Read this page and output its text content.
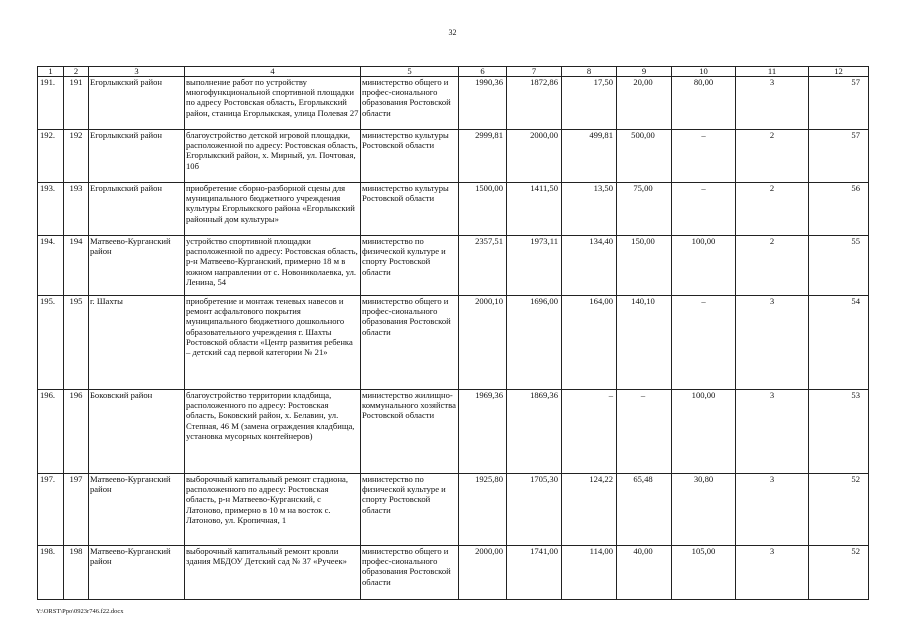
32
1	2	3	4	5	6	7	8	9	10	11	12
191.	191	Егорлыкский район	выполнение работ по устройству многофункциональной спортивной площадки по адресу Ростовская область, Егорлыкский район, станица Егорлыкская, улица Полевая 27	министерство общего и профес-сионального образования Ростовской области	1990,36	1872,86	17,50	20,00	80,00	3	57
192.	192	Егорлыкский район	благоустройство детской игровой площадки, расположенной по адресу: Ростовская область, Егорлыкский район, х. Мирный, ул. Почтовая, 10б	министерство культуры Ростовской области	2999,81	2000,00	499,81	500,00	–	2	57
193.	193	Егорлыкский район	приобретение сборно-разборной сцены для муниципального бюджетного учреждения культуры Егорлыкского района «Егорлыкский районный дом культуры»	министерство культуры Ростовской области	1500,00	1411,50	13,50	75,00	–	2	56
194.	194	Матвеево-Курганский район	устройство спортивной площадки расположенной по адресу: Ростовская область, р-н Матвеево-Курганский, примерно 18 м в южном направлении от с. Новониколаевка, ул. Ленина, 54	министерство по физической культуре и спорту Ростовской области	2357,51	1973,11	134,40	150,00	100,00	2	55
195.	195	г. Шахты	приобретение и монтаж теневых навесов и ремонт асфальтового покрытия муниципального бюджетного дошкольного образовательного учреждения г. Шахты Ростовской области «Центр развития ребенка – детский сад первой категории № 21»	министерство общего и профес-сионального образования Ростовской области	2000,10	1696,00	164,00	140,10	–	3	54
196.	196	Боковский район	благоустройство территории кладбища, расположенного по адресу: Ростовская область, Боковский район, х. Белавин, ул. Степная, 46 М (замена ограждения кладбища, установка мусорных контейнеров)	министерство жилищно-коммунального хозяйства Ростовской области	1969,36	1869,36	–	–	100,00	3	53
197.	197	Матвеево-Курганский район	выборочный капитальный ремонт стадиона, расположенного по адресу: Ростовская область, р-н Матвеево-Курганский, с Латоново, примерно в 10 м на восток с. Латоново, ул. Кропичная, 1	министерство по физической культуре и спорту Ростовской области	1925,80	1705,30	124,22	65,48	30,80	3	52
198.	198	Матвеево-Курганский район	выборочный капитальный ремонт кровли здания МБДОУ Детский сад № 37 «Ручеек»	министерство общего и профес-сионального образования Ростовской области	2000,00	1741,00	114,00	40,00	105,00	3	52
Y:\ORST\Ppo\0923r746.f22.docx
